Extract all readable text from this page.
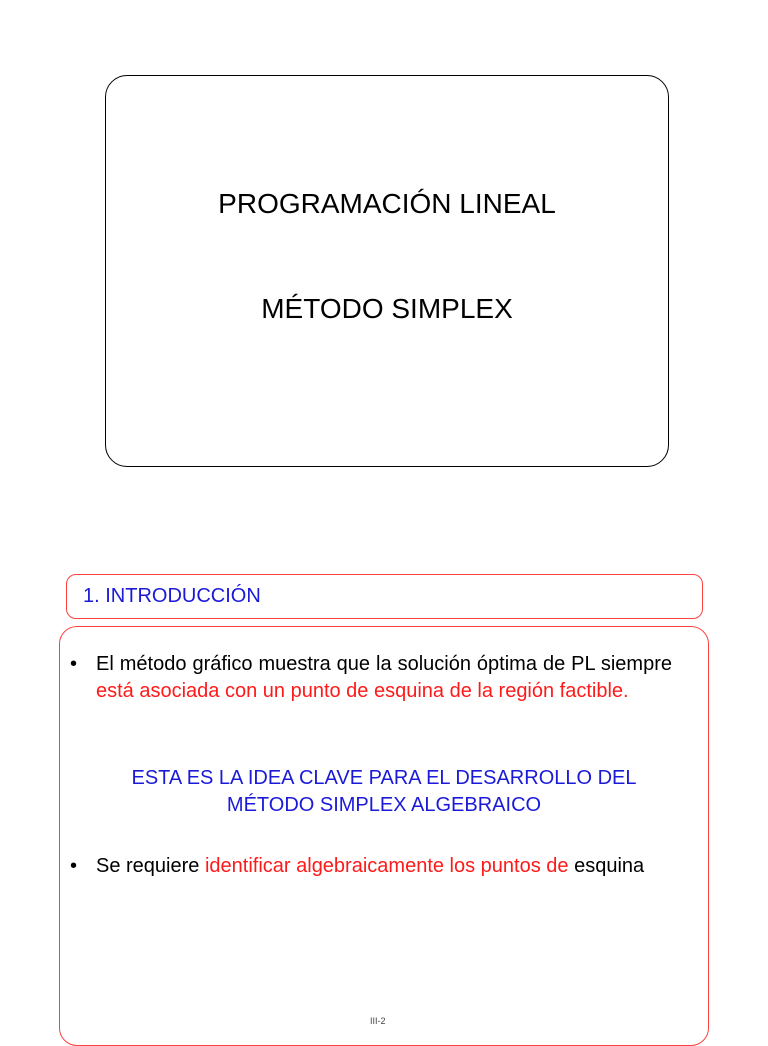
PROGRAMACIÓN LINEAL
MÉTODO SIMPLEX
1. INTRODUCCIÓN
• El método gráfico muestra que la solución óptima de PL siempre está asociada con un punto de esquina de la región factible.
ESTA ES LA IDEA CLAVE PARA EL DESARROLLO DEL
MÉTODO SIMPLEX ALGEBRAICO
• Se requiere identificar algebraicamente los puntos de esquina
III-2
